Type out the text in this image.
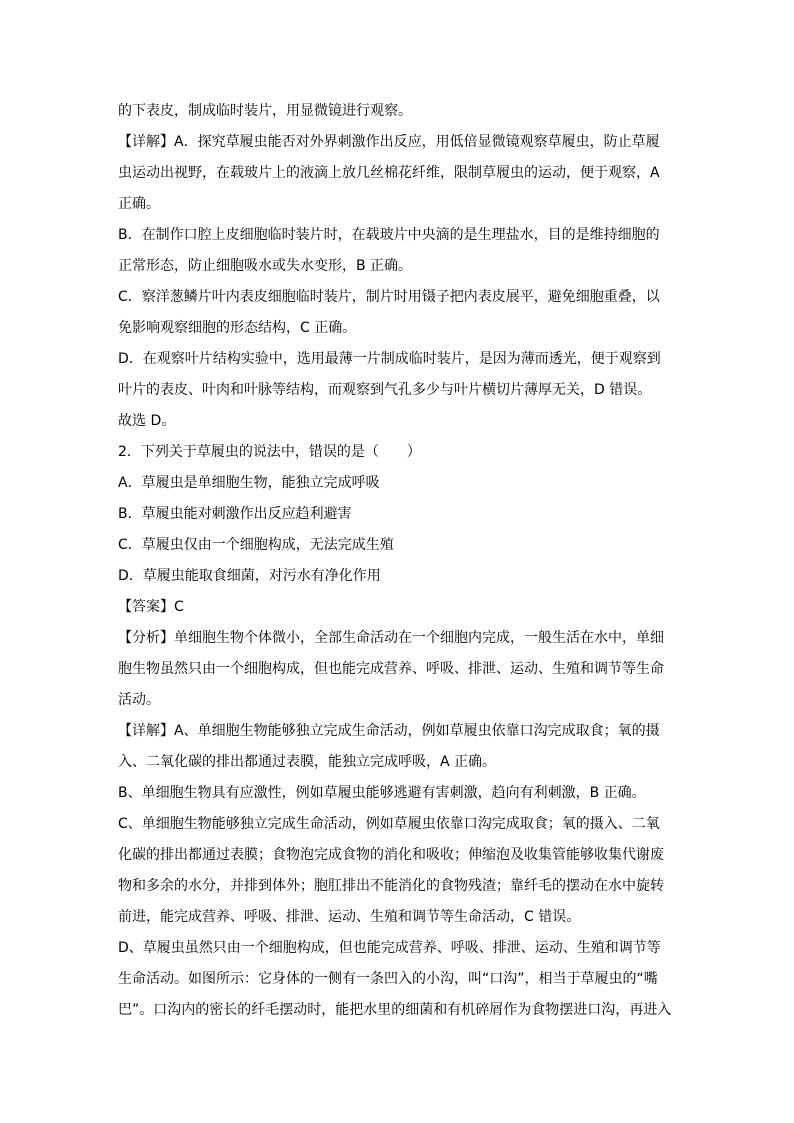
的下表皮，制成临时装片，用显微镜进行观察。
【详解】A．探究草履虫能否对外界刺激作出反应，用低倍显微镜观察草履虫，防止草履
虫运动出视野，在载玻片上的液滴上放几丝棉花纤维，限制草履虫的运动，便于观察，A
正确。
B．在制作口腔上皮细胞临时装片时，在载玻片中央滴的是生理盐水，目的是维持细胞的
正常形态，防止细胞吸水或失水变形，B 正确。
C．察洋葱鳞片叶内表皮细胞临时装片，制片时用镊子把内表皮展平，避免细胞重叠，以
免影响观察细胞的形态结构，C 正确。
D．在观察叶片结构实验中，选用最薄一片制成临时装片，是因为薄而透光，便于观察到
叶片的表皮、叶肉和叶脉等结构，而观察到气孔多少与叶片横切片薄厚无关，D 错误。
故选 D。
2．下列关于草履虫的说法中，错误的是（　　）
A．草履虫是单细胞生物，能独立完成呼吸
B．草履虫能对刺激作出反应趋利避害
C．草履虫仅由一个细胞构成，无法完成生殖
D．草履虫能取食细菌，对污水有净化作用
【答案】C
【分析】单细胞生物个体微小，全部生命活动在一个细胞内完成，一般生活在水中，单细
胞生物虽然只由一个细胞构成，但也能完成营养、呼吸、排泄、运动、生殖和调节等生命
活动。
【详解】A、单细胞生物能够独立完成生命活动，例如草履虫依靠口沟完成取食；氧的摄
入、二氧化碳的排出都通过表膜，能独立完成呼吸，A 正确。
B、单细胞生物具有应激性，例如草履虫能够逃避有害刺激，趋向有利刺激，B 正确。
C、单细胞生物能够独立完成生命活动，例如草履虫依靠口沟完成取食；氧的摄入、二氧
化碳的排出都通过表膜；食物泡完成食物的消化和吸收；伸缩泡及收集管能够收集代谢废
物和多余的水分，并排到体外；胞肛排出不能消化的食物残渣；靠纤毛的摆动在水中旋转
前进，能完成营养、呼吸、排泄、运动、生殖和调节等生命活动，C 错误。
D、草履虫虽然只由一个细胞构成，但也能完成营养、呼吸、排泄、运动、生殖和调节等
生命活动。如图所示：它身体的一侧有一条凹入的小沟，叫“口沟”，相当于草履虫的“嘴
巴”。口沟内的密长的纤毛摆动时，能把水里的细菌和有机碎屑作为食物摆进口沟，再进入
